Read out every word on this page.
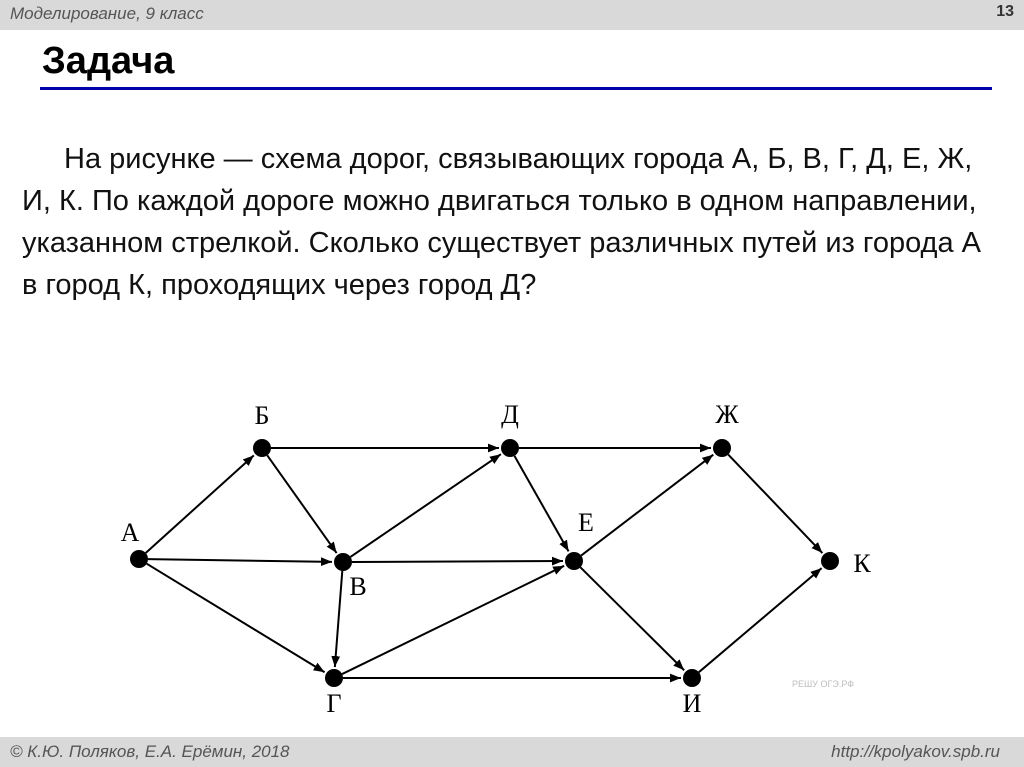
Моделирование, 9 класс	13
Задача

На рисунке — схема дорог, связывающих города А, Б, В, Г, Д, Е, Ж, И, К. По каждой дороге можно двигаться только в одном направлении, указанном стрелкой. Сколько существует различных путей из города А в город К, проходящих через город Д?

А
Б
В
Г
Д
Е
Ж
И
К
РЕШУ ОГЭ.РФ
© К.Ю. Поляков, Е.А. Ерёмин, 2018	http://kpolyakov.spb.ru
